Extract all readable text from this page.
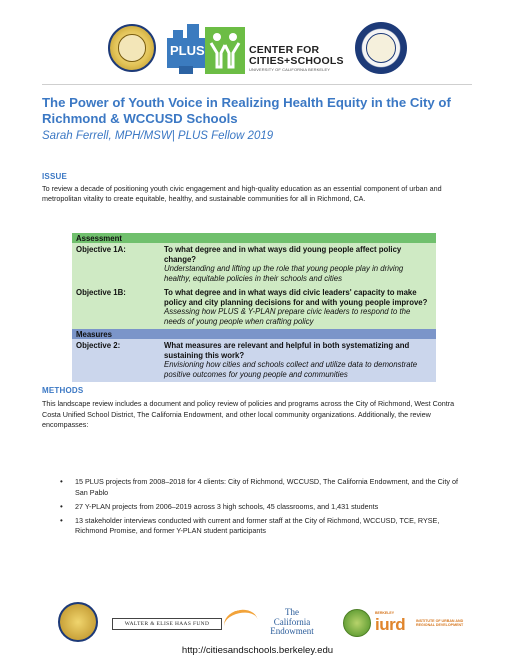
PLUS	CENTER FOR
CITIES+SCHOOLS
UNIVERSITY OF CALIFORNIA BERKELEY
The Power of Youth Voice in Realizing Health Equity in the City of Richmond & WCCUSD Schools
Sarah Ferrell, MPH/MSW| PLUS Fellow 2019
ISSUE
To review a decade of positioning youth civic engagement and high-quality education as an essential component of urban and metropolitan vitality to create equitable, healthy, and sustainable communities for all in Richmond, CA.
Assessment
Objective 1A:	To what degree and in what ways did young people affect policy change?
Understanding and lifting up the role that young people play in driving healthy, equitable policies in their schools and cities
Objective 1B:	To what degree and in what ways did civic leaders' capacity to make policy and city planning decisions for and with young people improve?
Assessing how PLUS & Y-PLAN prepare civic leaders to respond to the needs of young people when crafting policy
Measures
Objective 2:	What measures are relevant and helpful in both systematizing and sustaining this work?
Envisioning how cities and schools collect and utilize data to demonstrate positive outcomes for young people and communities
METHODS
This landscape review includes a document and policy review of policies and programs across the City of Richmond, West Contra Costa Unified School District, The California Endowment, and other local community organizations. Additionally, the review encompasses:
• 15 PLUS projects from 2008–2018 for 4 clients: City of Richmond, WCCUSD, The California Endowment, and the City of San Pablo
• 27 Y-PLAN projects from 2006–2019 across 3 high schools, 45 classrooms, and 1,431 students
• 13 stakeholder interviews conducted with current and former staff at the City of Richmond, WCCUSD, TCE, RYSE, Richmond Promise, and former Y-PLAN student participants
WALTER & ELISE HAAS FUND
The
California
Endowment
BERKELEY
iurd	INSTITUTE OF URBAN AND REGIONAL DEVELOPMENT
http://citiesandschools.berkeley.edu
